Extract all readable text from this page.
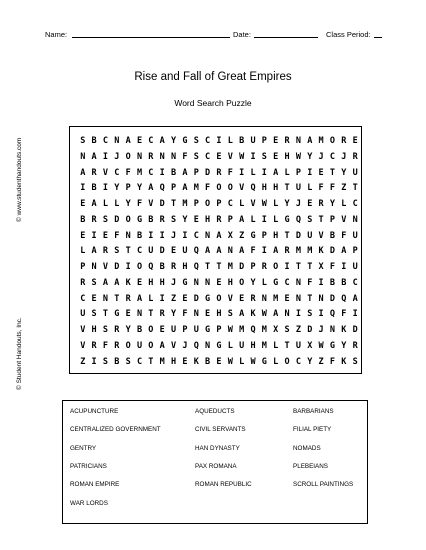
Name:	Date:	Class Period:
Rise and Fall of Great Empires
Word Search Puzzle
© www.studenthandouts.com
© Student Handouts, Inc.
S B C N A E C A Y G S C I L B U P E R N A M O R E
N A I J O N R N N F S C E V W I S E H W Y J C J R
A R V C F M C I B A P D R F I L I A L P I E T Y U
I B I Y P Y A Q P A M F O O V Q H H T U L F F Z T
E A L L Y F V D T M P O P C L V W L Y J E R Y L C
B R S D O G B R S Y E H R P A L I L G Q S T P V N
E I E F N B I I J I C N A X Z G P H T D U V B F U
L A R S T C U D E U Q A A N A F I A R M M K D A P
P N V D I O Q B R H Q T T M D P R O I T T X F I U
R S A A K E H H J G N N E H O Y L G C N F I B B C
C E N T R A L I Z E D G O V E R N M E N T N D Q A
U S T G E N T R Y F N E H S A K W A N I S I Q F I
V H S R Y B O E U P U G P W M Q M X S Z D J N K D
V R F R O U O A V J Q N G L U H M L T U X W G Y R
Z I S B S C T M H E K B E W L W G L O C Y Z F K S
ACUPUNCTURE	AQUEDUCTS	BARBARIANS
CENTRALIZED GOVERNMENT	CIVIL SERVANTS	FILIAL PIETY
GENTRY	HAN DYNASTY	NOMADS
PATRICIANS	PAX ROMANA	PLEBEIANS
ROMAN EMPIRE	ROMAN REPUBLIC	SCROLL PAINTINGS
WAR LORDS
